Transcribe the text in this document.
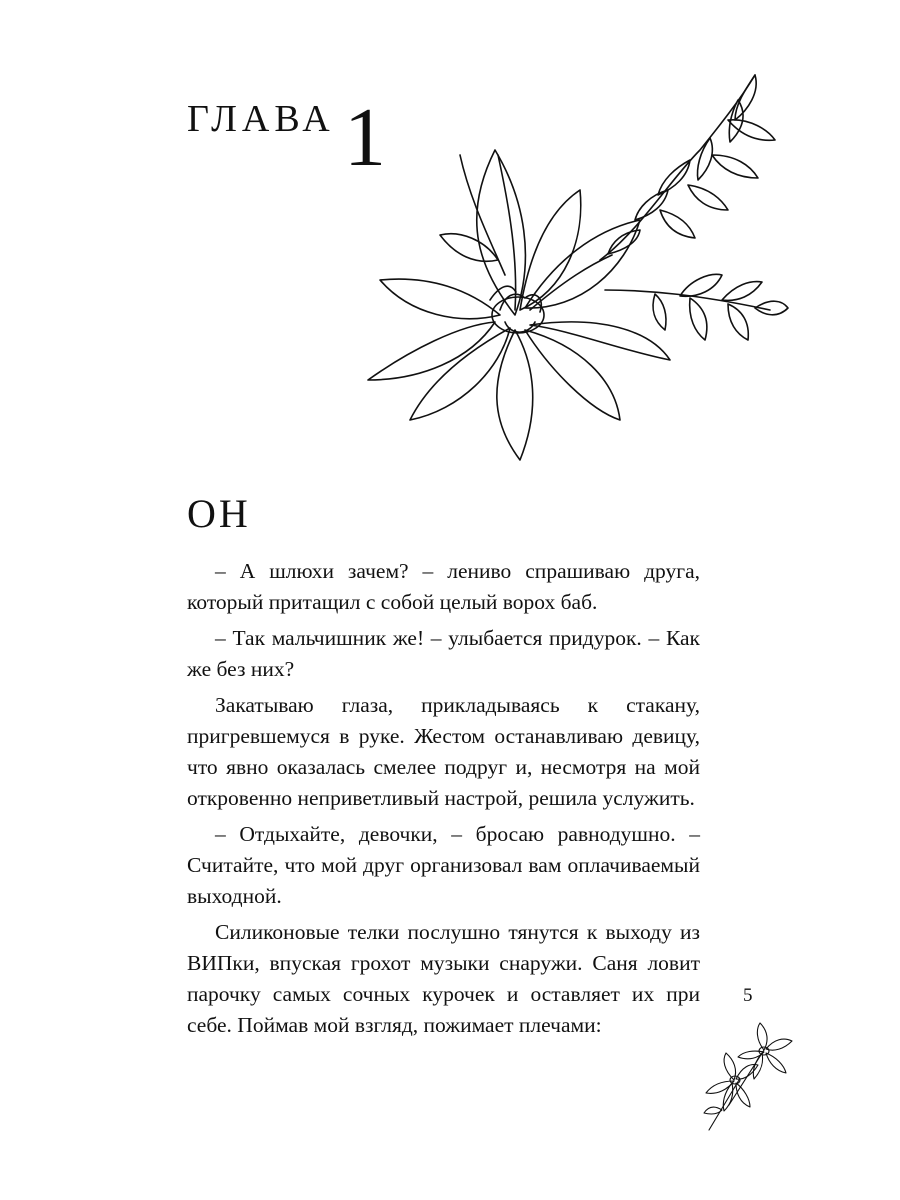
ГЛАВА 1
ОН

– А шлюхи зачем? – лениво спрашиваю друга, который притащил с собой целый ворох баб.

– Так мальчишник же! – улыбается придурок. – Как же без них?

Закатываю глаза, прикладываясь к стакану, пригревшемуся в руке. Жестом останавливаю девицу, что явно оказалась смелее подруг и, несмотря на мой откровенно неприветливый настрой, решила услужить.

– Отдыхайте, девочки, – бросаю равнодушно. – Считайте, что мой друг организовал вам оплачиваемый выходной.

Силиконовые телки послушно тянутся к выходу из ВИПки, впуская грохот музыки снаружи. Саня ловит парочку самых сочных курочек и оставляет их при себе. Поймав мой взгляд, пожимает плечами:

5
